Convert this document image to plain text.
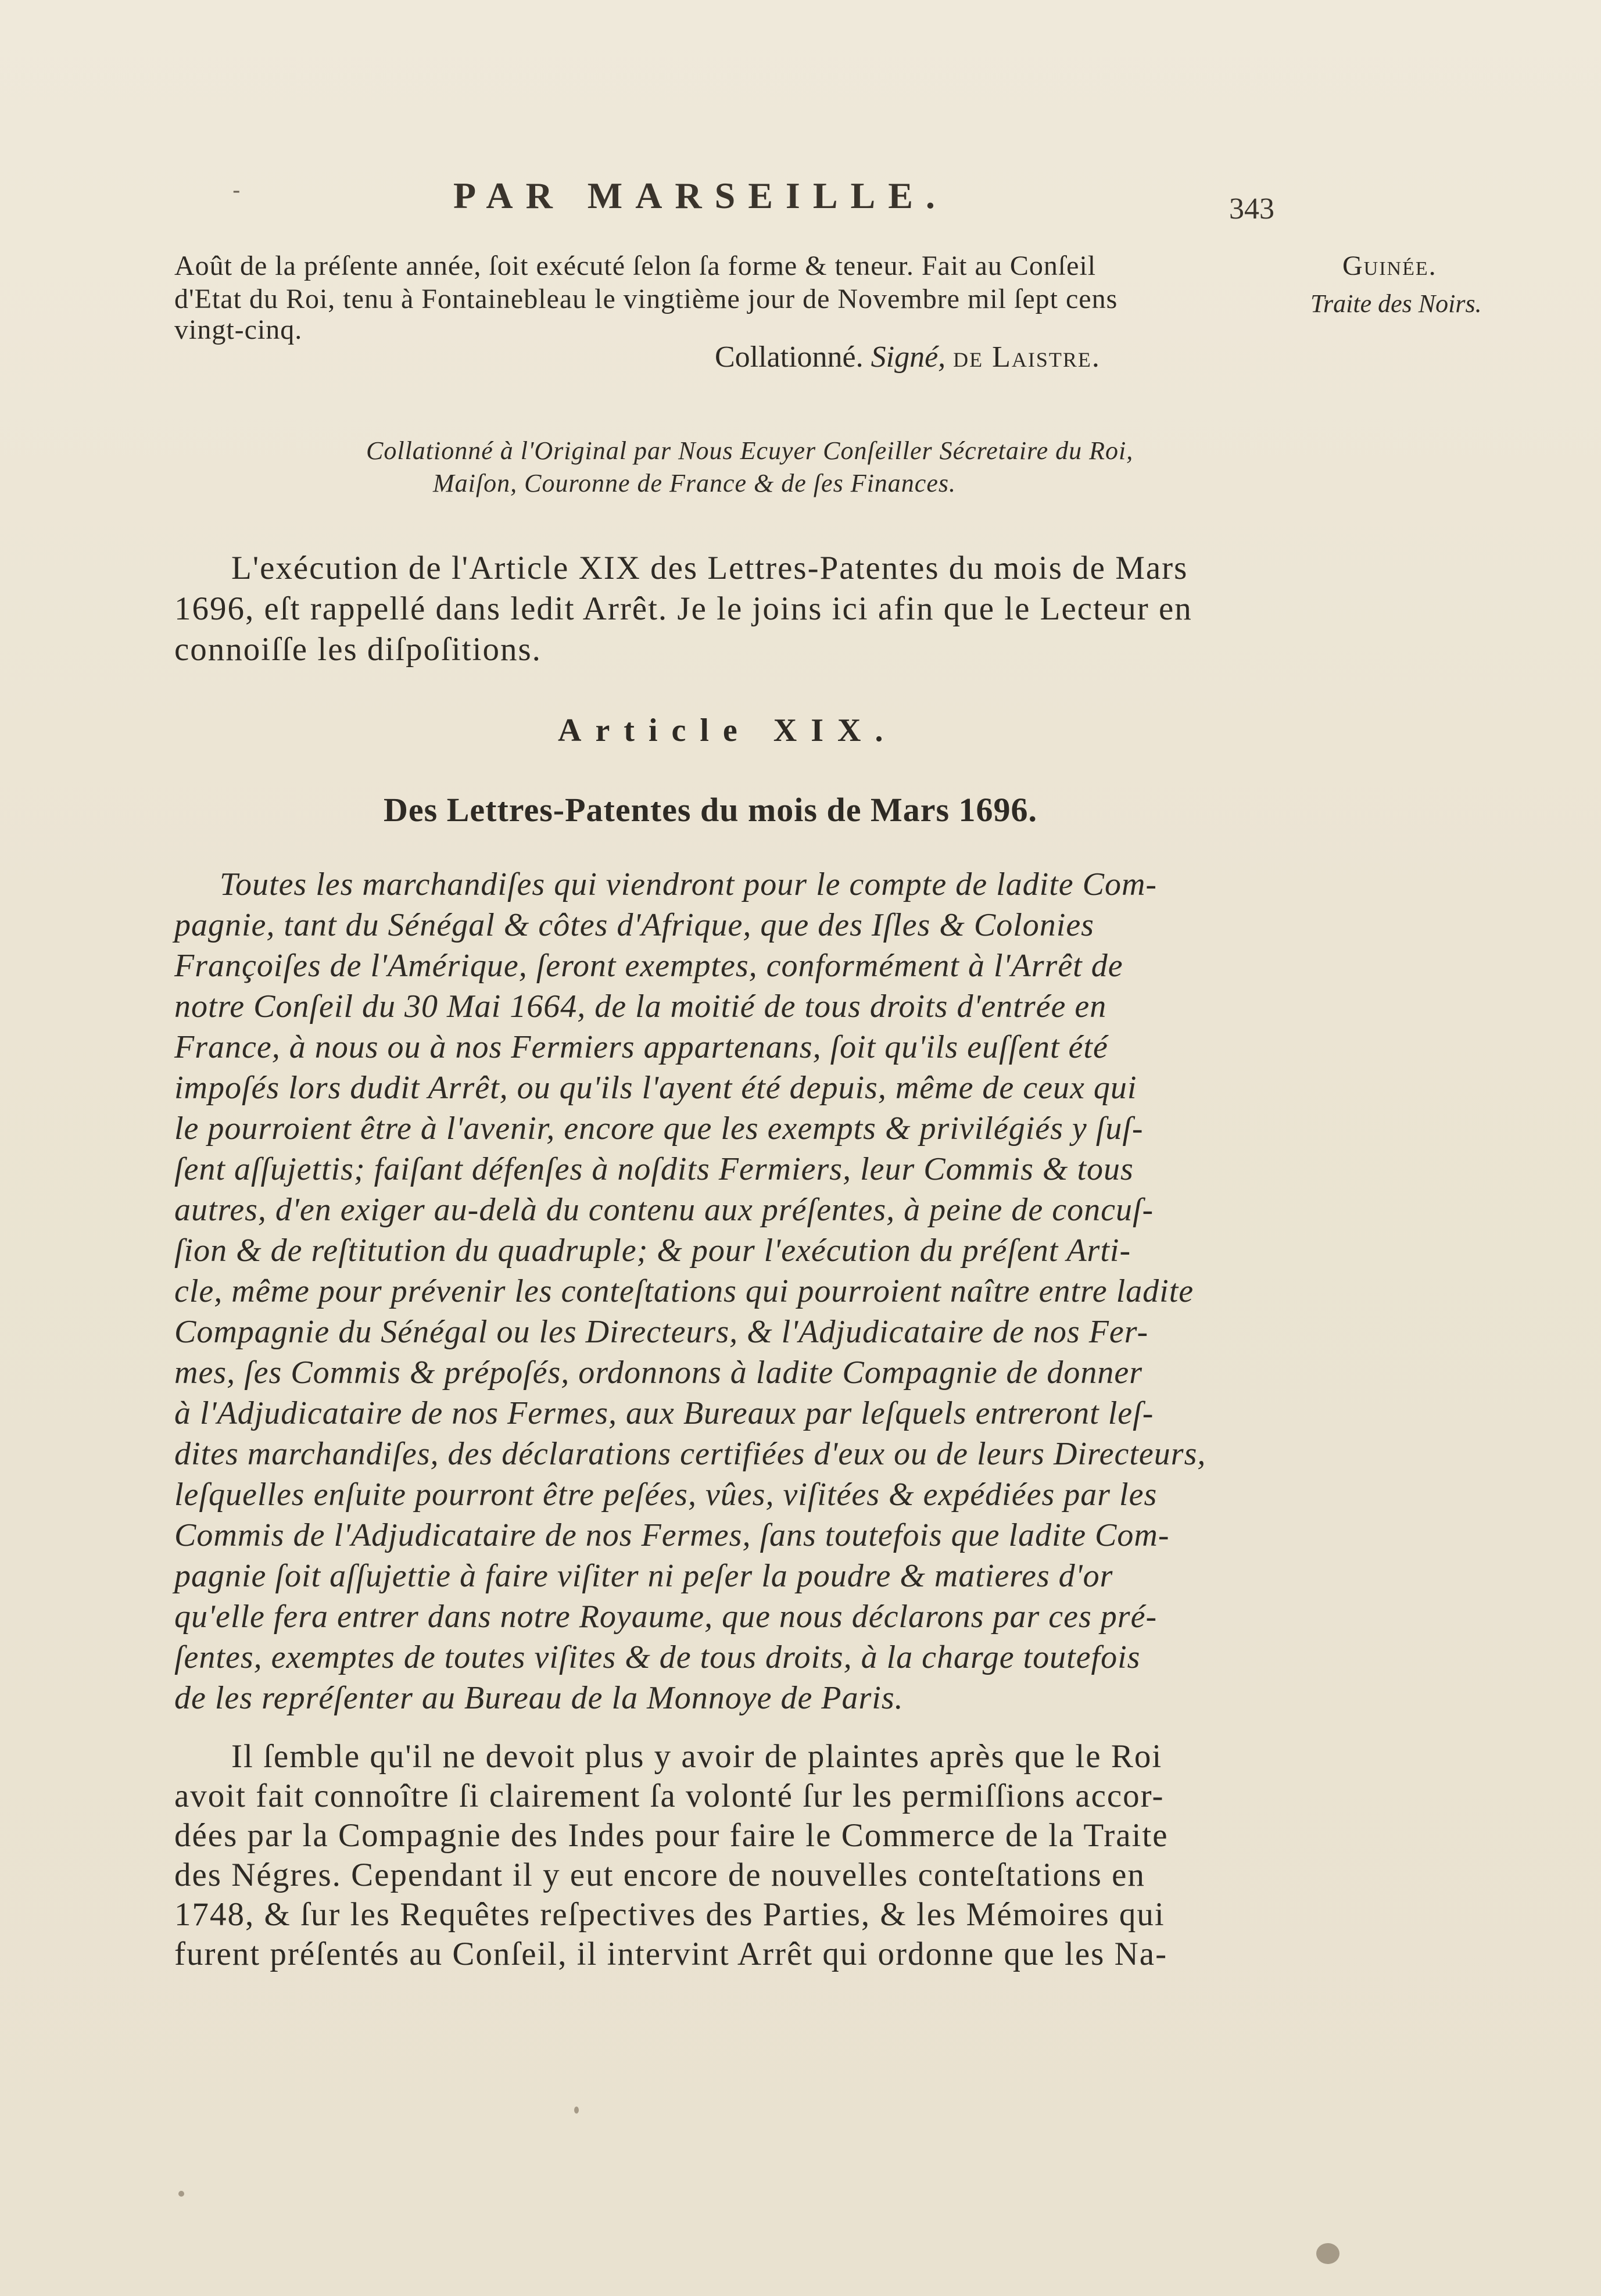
-	PAR MARSEILLE.	343
Guinée.
Traite des Noirs.

Août de la préſente année, ſoit exécuté ſelon ſa forme & teneur. Fait au Conſeil

d'Etat du Roi, tenu à Fontainebleau le vingtième jour de Novembre mil ſept cens

vingt-cinq.

Collationné. Signé, de Laistre.

Collationné à l'Original par Nous Ecuyer Conſeiller Sécretaire du Roi,

Maiſon, Couronne de France & de ſes Finances.

L'exécution de l'Article XIX des Lettres-Patentes du mois de Mars

1696, eſt rappellé dans ledit Arrêt. Je le joins ici afin que le Lecteur en

connoiſſe les diſpoſitions.

Article XIX.
Des Lettres-Patentes du mois de Mars 1696.

Toutes les marchandiſes qui viendront pour le compte de ladite Com-

pagnie, tant du Sénégal & côtes d'Afrique, que des Iſles & Colonies

Françoiſes de l'Amérique, ſeront exemptes, conformément à l'Arrêt de

notre Conſeil du 30 Mai 1664, de la moitié de tous droits d'entrée en

France, à nous ou à nos Fermiers appartenans, ſoit qu'ils euſſent été

impoſés lors dudit Arrêt, ou qu'ils l'ayent été depuis, même de ceux qui

le pourroient être à l'avenir, encore que les exempts & privilégiés y ſuſ-

ſent aſſujettis; faiſant défenſes à noſdits Fermiers, leur Commis & tous

autres, d'en exiger au-delà du contenu aux préſentes, à peine de concuſ-

ſion & de reſtitution du quadruple; & pour l'exécution du préſent Arti-

cle, même pour prévenir les conteſtations qui pourroient naître entre ladite

Compagnie du Sénégal ou les Directeurs, & l'Adjudicataire de nos Fer-

mes, ſes Commis & prépoſés, ordonnons à ladite Compagnie de donner

à l'Adjudicataire de nos Fermes, aux Bureaux par leſquels entreront leſ-

dites marchandiſes, des déclarations certifiées d'eux ou de leurs Directeurs,

leſquelles enſuite pourront être peſées, vûes, viſitées & expédiées par les

Commis de l'Adjudicataire de nos Fermes, ſans toutefois que ladite Com-

pagnie ſoit aſſujettie à faire viſiter ni peſer la poudre & matieres d'or

qu'elle fera entrer dans notre Royaume, que nous déclarons par ces pré-

ſentes, exemptes de toutes viſites & de tous droits, à la charge toutefois

de les repréſenter au Bureau de la Monnoye de Paris.

Il ſemble qu'il ne devoit plus y avoir de plaintes après que le Roi

avoit fait connoître ſi clairement ſa volonté ſur les permiſſions accor-

dées par la Compagnie des Indes pour faire le Commerce de la Traite

des Négres. Cependant il y eut encore de nouvelles conteſtations en

1748, & ſur les Requêtes reſpectives des Parties, & les Mémoires qui

furent préſentés au Conſeil, il intervint Arrêt qui ordonne que les Na-
